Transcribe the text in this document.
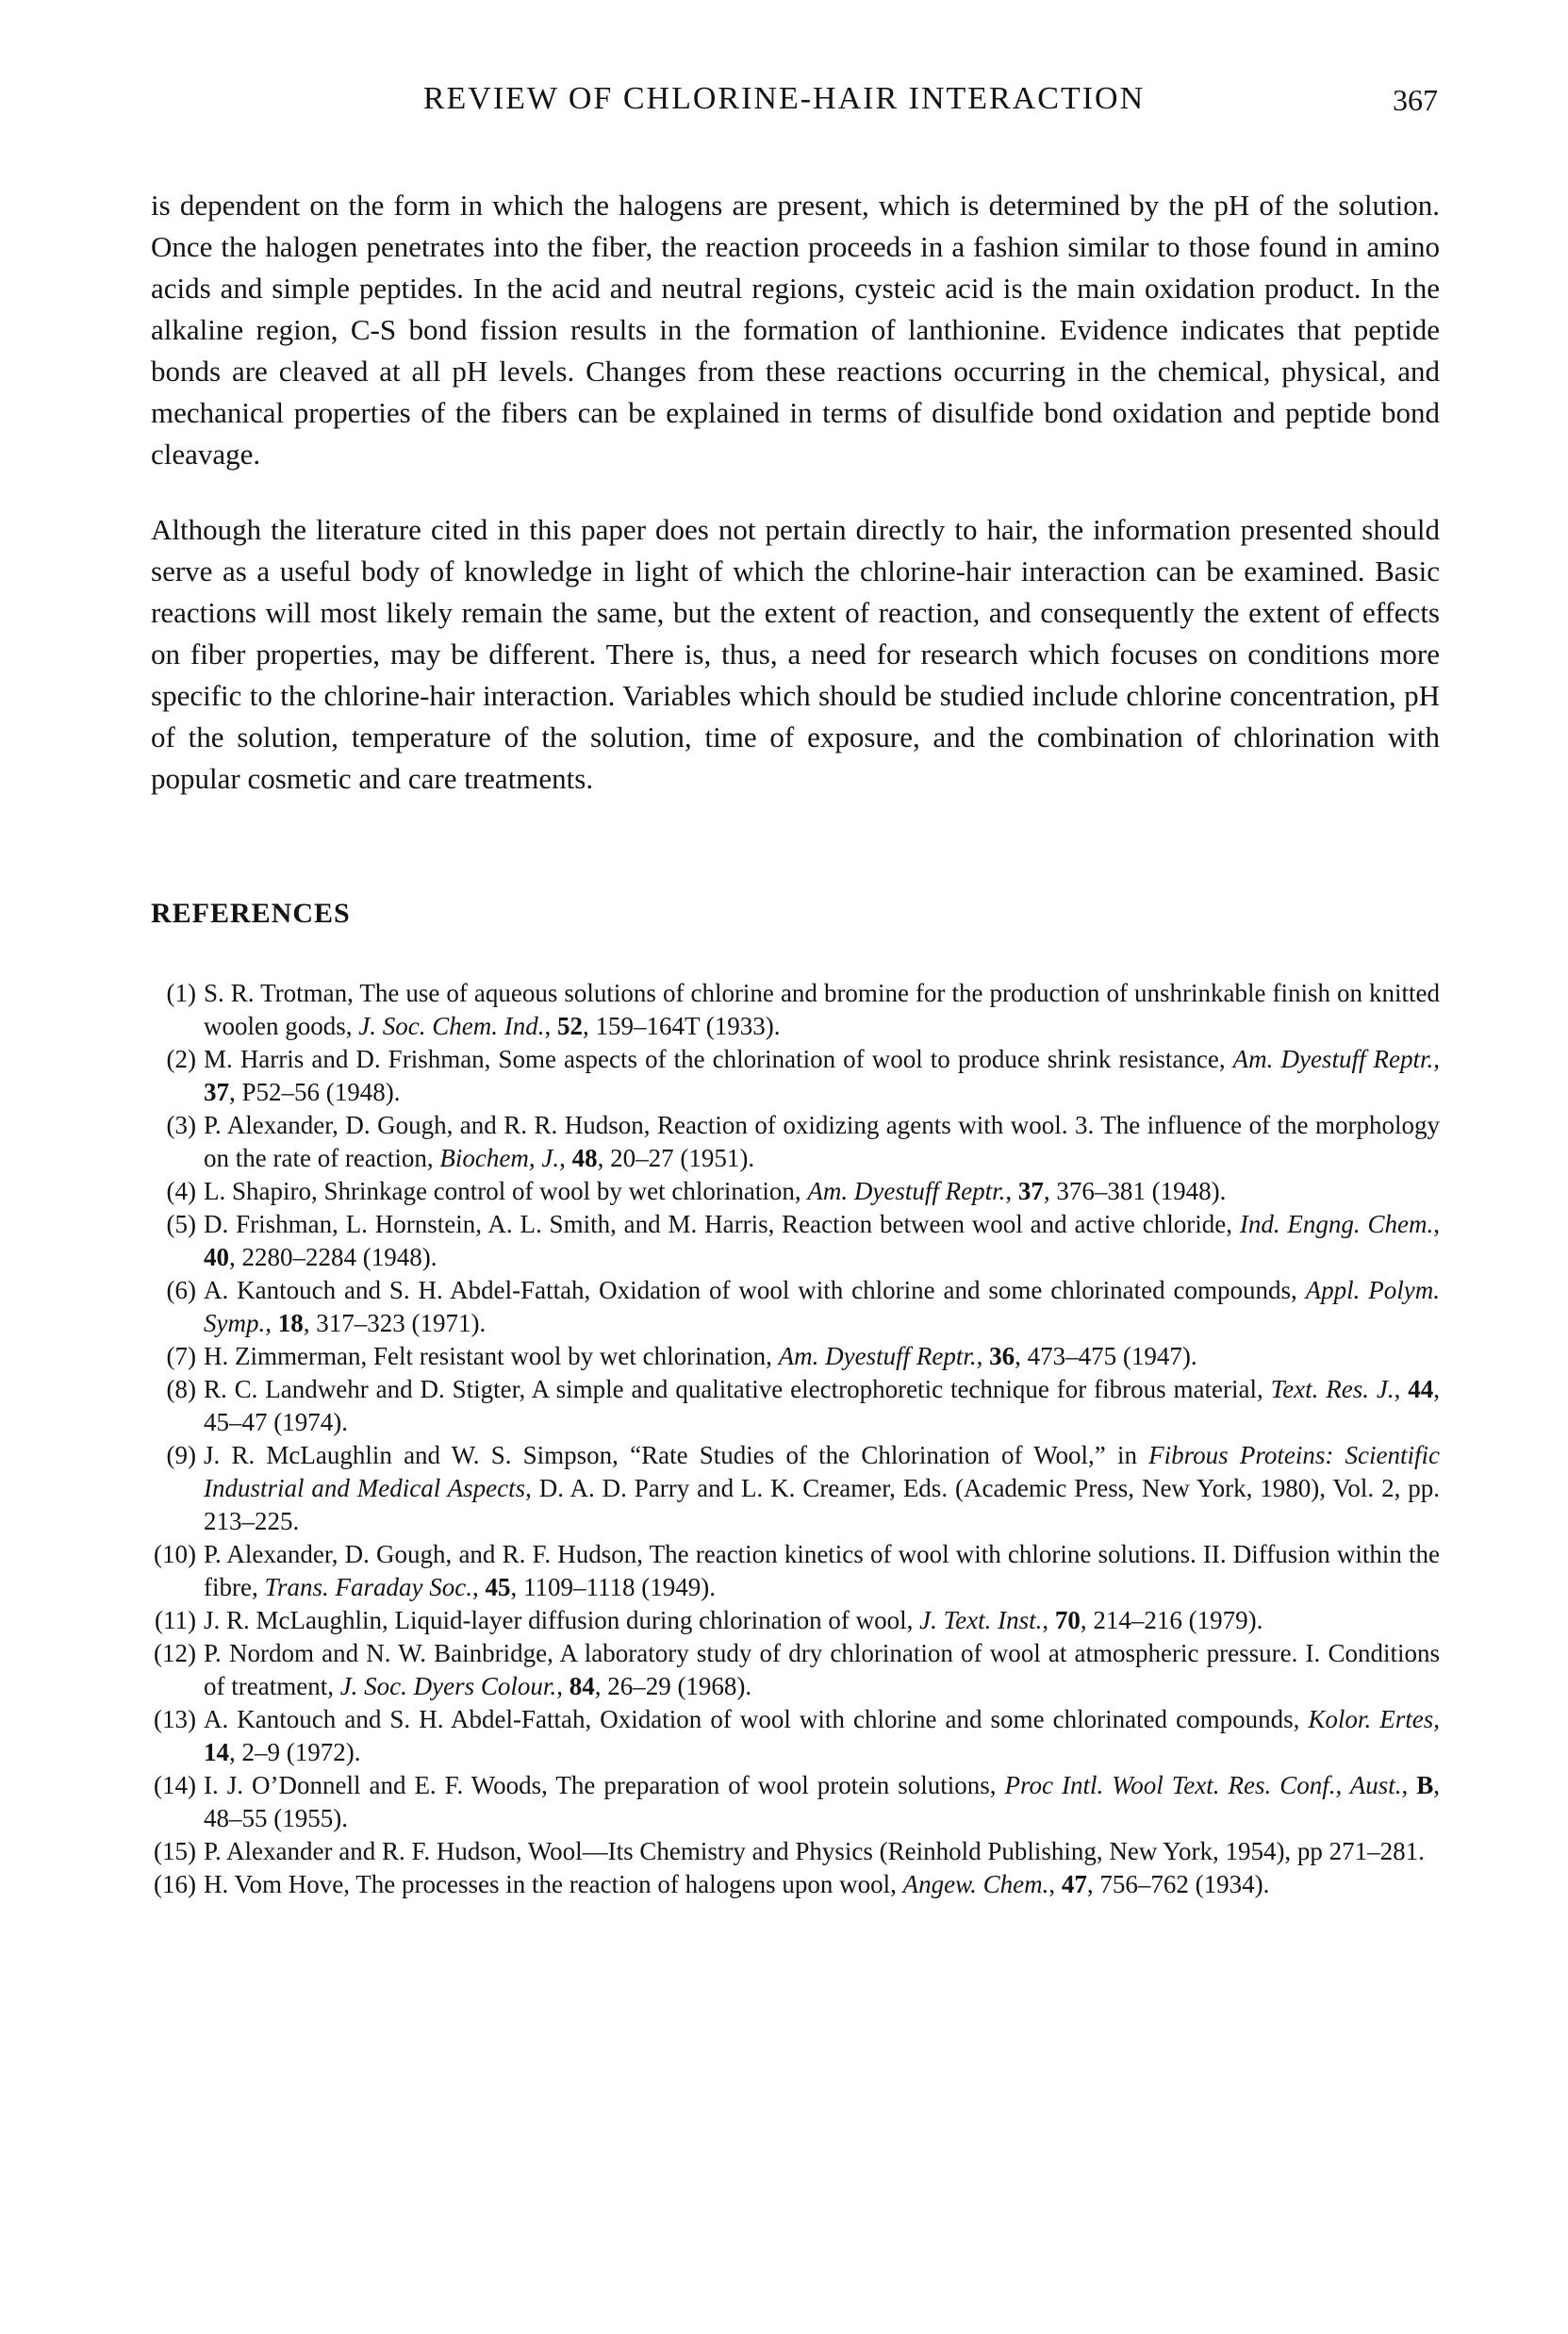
REVIEW OF CHLORINE-HAIR INTERACTION	367

is dependent on the form in which the halogens are present, which is determined by the pH of the solution. Once the halogen penetrates into the fiber, the reaction proceeds in a fashion similar to those found in amino acids and simple peptides. In the acid and neutral regions, cysteic acid is the main oxidation product. In the alkaline region, C-S bond fission results in the formation of lanthionine. Evidence indicates that peptide bonds are cleaved at all pH levels. Changes from these reactions occurring in the chemical, physical, and mechanical properties of the fibers can be explained in terms of disulfide bond oxidation and peptide bond cleavage.

Although the literature cited in this paper does not pertain directly to hair, the information presented should serve as a useful body of knowledge in light of which the chlorine-hair interaction can be examined. Basic reactions will most likely remain the same, but the extent of reaction, and consequently the extent of effects on fiber properties, may be different. There is, thus, a need for research which focuses on conditions more specific to the chlorine-hair interaction. Variables which should be studied include chlorine concentration, pH of the solution, temperature of the solution, time of exposure, and the combination of chlorination with popular cosmetic and care treatments.

REFERENCES
(1) S. R. Trotman, The use of aqueous solutions of chlorine and bromine for the production of unshrinkable finish on knitted woolen goods, J. Soc. Chem. Ind., 52, 159–164T (1933).
(2) M. Harris and D. Frishman, Some aspects of the chlorination of wool to produce shrink resistance, Am. Dyestuff Reptr., 37, P52–56 (1948).
(3) P. Alexander, D. Gough, and R. R. Hudson, Reaction of oxidizing agents with wool. 3. The influence of the morphology on the rate of reaction, Biochem, J., 48, 20–27 (1951).
(4) L. Shapiro, Shrinkage control of wool by wet chlorination, Am. Dyestuff Reptr., 37, 376–381 (1948).
(5) D. Frishman, L. Hornstein, A. L. Smith, and M. Harris, Reaction between wool and active chloride, Ind. Engng. Chem., 40, 2280–2284 (1948).
(6) A. Kantouch and S. H. Abdel-Fattah, Oxidation of wool with chlorine and some chlorinated compounds, Appl. Polym. Symp., 18, 317–323 (1971).
(7) H. Zimmerman, Felt resistant wool by wet chlorination, Am. Dyestuff Reptr., 36, 473–475 (1947).
(8) R. C. Landwehr and D. Stigter, A simple and qualitative electrophoretic technique for fibrous material, Text. Res. J., 44, 45–47 (1974).
(9) J. R. McLaughlin and W. S. Simpson, “Rate Studies of the Chlorination of Wool,” in Fibrous Proteins: Scientific Industrial and Medical Aspects, D. A. D. Parry and L. K. Creamer, Eds. (Academic Press, New York, 1980), Vol. 2, pp. 213–225.
(10) P. Alexander, D. Gough, and R. F. Hudson, The reaction kinetics of wool with chlorine solutions. II. Diffusion within the fibre, Trans. Faraday Soc., 45, 1109–1118 (1949).
(11) J. R. McLaughlin, Liquid-layer diffusion during chlorination of wool, J. Text. Inst., 70, 214–216 (1979).
(12) P. Nordom and N. W. Bainbridge, A laboratory study of dry chlorination of wool at atmospheric pressure. I. Conditions of treatment, J. Soc. Dyers Colour., 84, 26–29 (1968).
(13) A. Kantouch and S. H. Abdel-Fattah, Oxidation of wool with chlorine and some chlorinated compounds, Kolor. Ertes, 14, 2–9 (1972).
(14) I. J. O’Donnell and E. F. Woods, The preparation of wool protein solutions, Proc Intl. Wool Text. Res. Conf., Aust., B, 48–55 (1955).
(15) P. Alexander and R. F. Hudson, Wool—Its Chemistry and Physics (Reinhold Publishing, New York, 1954), pp 271–281.
(16) H. Vom Hove, The processes in the reaction of halogens upon wool, Angew. Chem., 47, 756–762 (1934).
